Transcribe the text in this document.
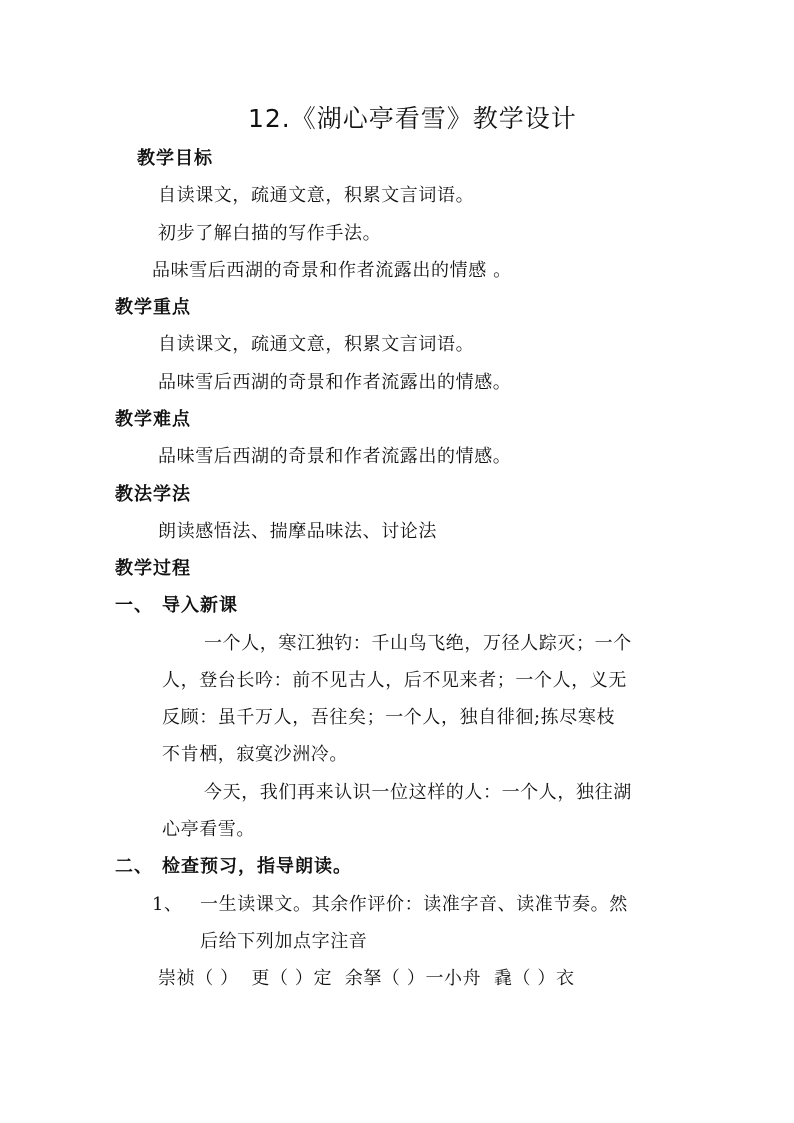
12.《湖心亭看雪》教学设计
教学目标
自读课文，疏通文意，积累文言词语。
初步了解白描的写作手法。
品味雪后西湖的奇景和作者流露出的情感 。
教学重点
自读课文，疏通文意，积累文言词语。
品味雪后西湖的奇景和作者流露出的情感。
教学难点
品味雪后西湖的奇景和作者流露出的情感。
教法学法
朗读感悟法、揣摩品味法、讨论法
教学过程
一、 导入新课
一个人，寒江独钓：千山鸟飞绝，万径人踪灭；一个
人，登台长吟：前不见古人，后不见来者；一个人，义无
反顾：虽千万人，吾往矣；一个人，独自徘徊;拣尽寒枝
不肯栖，寂寞沙洲冷。
今天，我们再来认识一位这样的人：一个人，独往湖
心亭看雪。
二、 检查预习，指导朗读。
1、 一生读课文。其余作评价：读准字音、读准节奏。然
后给下列加点字注音
崇祯（ ）  更（ ）定  余拏（ ）一小舟  毳（ ）衣
